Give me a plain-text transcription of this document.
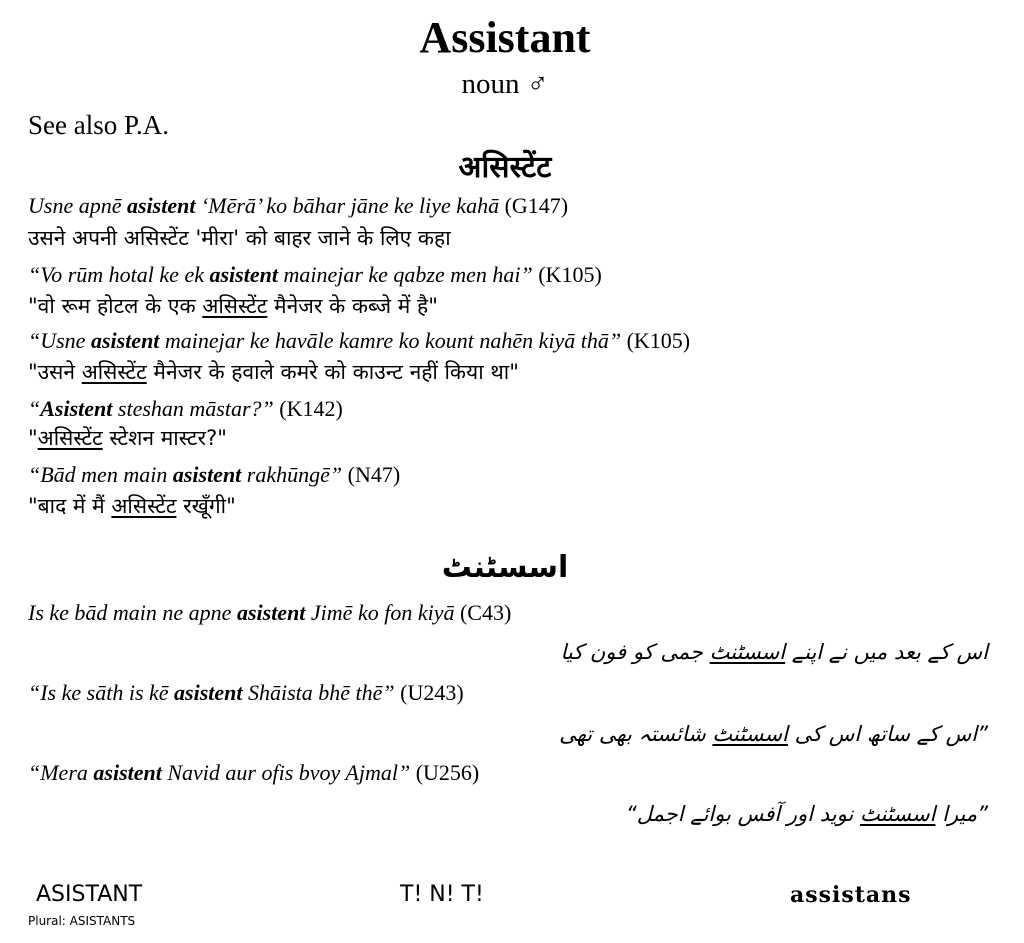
Assistant
noun ♂
See also P.A.
असिस्टेंट
Usne apnē asistent ‘Mērā’ ko bāhar jāne ke liye kahā (G147)
उसने अपनी असिस्टेंट 'मीरा' को बाहर जाने के लिए कहा
“Vo rūm hotal ke ek asistent mainejar ke qabze men hai” (K105)
"वो रूम होटल के एक असिस्टेंट मैनेजर के कब्जे में है"
“Usne asistent mainejar ke havāle kamre ko kount nahēn kiyā thā” (K105)
"उसने असिस्टेंट मैनेजर के हवाले कमरे को काउन्ट नहीं किया था"
“Asistent steshan māstar?” (K142)
"असिस्टेंट स्टेशन मास्टर?"
“Bād men main asistent rakhūngē” (N47)
"बाद में मैं असिस्टेंट रखूँगी"
اسسٹنٹ
Is ke bād main ne apne asistent Jimē ko fon kiyā (C43)
اس کے بعد میں نے اپنے اسسٹنٹ جمی کو فون کیا
“Is ke sāth is kē asistent Shāista bhē thē” (U243)
”اس کے ساتھ اس کی اسسٹنٹ شائستہ بھی تھی
“Mera asistent Navid aur ofis bvoy Ajmal” (U256)
”میرا اسسٹنٹ نوید اور آفس بوائے اجمل“
ASISTANT
Plural: ASISTANTS
T! N! T!	assistans
